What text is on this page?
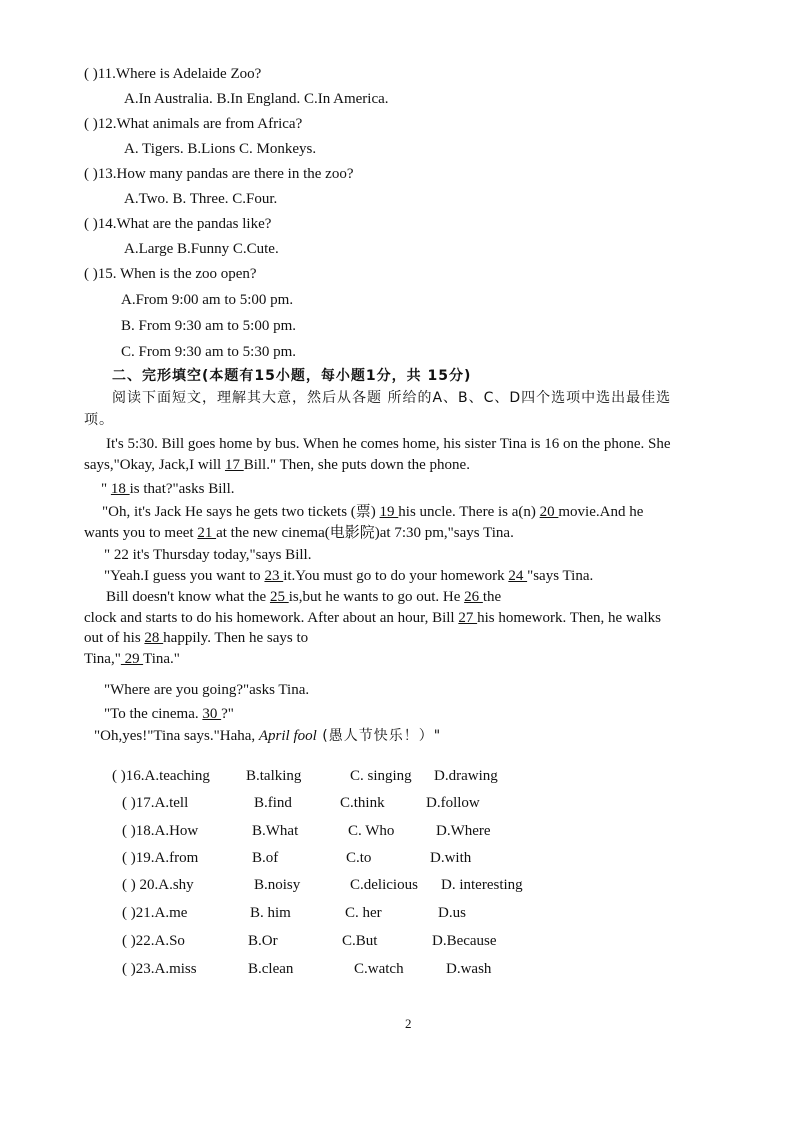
( )11.Where is Adelaide Zoo?
A.In Australia. B.In England. C.In America.
( )12.What animals are from Africa?
A. Tigers. B.Lions C. Monkeys.
( )13.How many pandas are there in the zoo?
A.Two. B. Three. C.Four.
( )14.What are the pandas like?
A.Large B.Funny C.Cute.
( )15. When is the zoo open?
A.From 9:00 am to 5:00 pm.
B. From 9:30 am to 5:00 pm.
C. From 9:30 am to 5:30 pm.
二、完形填空(本题有15小题，每小题1分，共 15分)
阅读下面短文，理解其大意，然后从各题 所给的A、B、C、D四个选项中选出最佳选
项。
It's 5:30. Bill goes home by bus. When he comes home, his sister Tina is 16 on the phone. She
says,"Okay, Jack,I will 17 Bill." Then, she puts down the phone.
" 18 is that?"asks Bill.
"Oh, it's Jack He says he gets two tickets (票) 19 his uncle. There is a(n) 20 movie.And he
wants you to meet 21 at the new cinema(电影院)at 7:30 pm,"says Tina.
" 22 it's Thursday today,"says Bill.
"Yeah.I guess you want to 23 it.You must go to do your homework 24 "says Tina.
Bill doesn't know what the 25 is,but he wants to go out. He 26 the
clock and starts to do his homework. After about an hour, Bill 27 his homework. Then, he walks
out of his 28 happily. Then he says to
Tina," 29 Tina."
"Where are you going?"asks Tina.
"To the cinema. 30 ?"
"Oh,yes!"Tina says."Haha, April fool (愚人节快乐！）"
( )16.A.teaching B.talking	C. singing D.drawing
( )17.A.tell	B.find	C.think	D.follow
( )18.A.How	B.What	C. Who	D.Where
( )19.A.from	B.of	C.to	D.with
( ) 20.A.shy	B.noisy	C.delicious D. interesting
( )21.A.me	B. him	C. her	D.us
( )22.A.So	B.Or	C.But	D.Because
( )23.A.miss	B.clean	C.watch	D.wash
2
